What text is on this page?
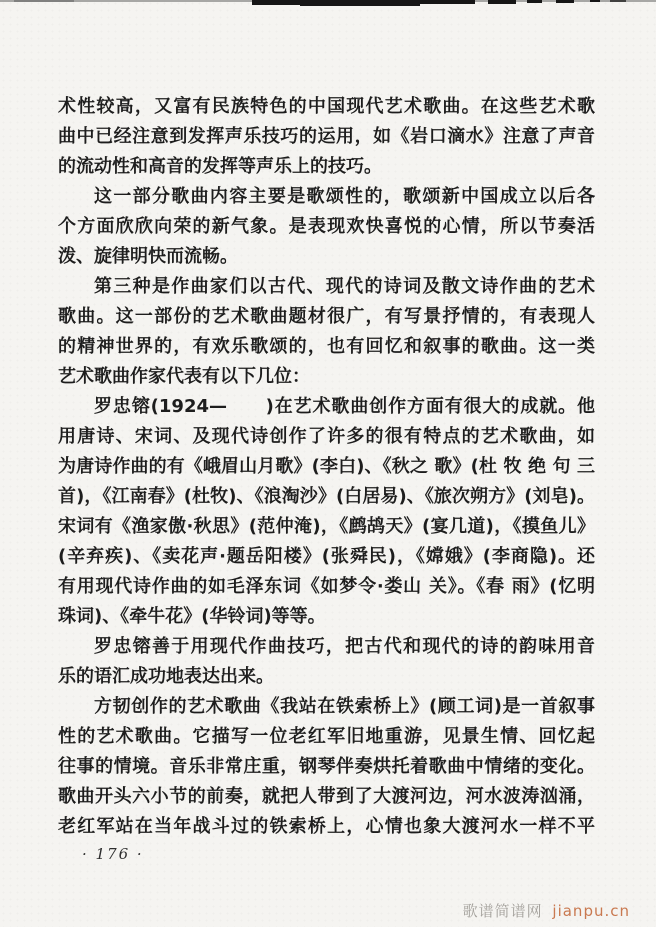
术性较高，又富有民族特色的中国现代艺术歌曲。在这些艺术歌
曲中已经注意到发挥声乐技巧的运用，如《岩口滴水》注意了声音
的流动性和高音的发挥等声乐上的技巧。
这一部分歌曲内容主要是歌颂性的，歌颂新中国成立以后各
个方面欣欣向荣的新气象。是表现欢快喜悦的心情，所以节奏活
泼、旋律明快而流畅。
第三种是作曲家们以古代、现代的诗词及散文诗作曲的艺术
歌曲。这一部份的艺术歌曲题材很广，有写景抒情的，有表现人
的精神世界的，有欢乐歌颂的，也有回忆和叙事的歌曲。这一类
艺术歌曲作家代表有以下几位：
罗忠镕(1924—　　)在艺术歌曲创作方面有很大的成就。他
用唐诗、宋词、及现代诗创作了许多的很有特点的艺术歌曲，如
为唐诗作曲的有《峨眉山月歌》(李白)、《秋之 歌》(杜 牧 绝 句 三
首)，《江南春》(杜牧)、《浪淘沙》(白居易)、《旅次朔方》(刘皂)。
宋词有《渔家傲·秋思》(范仲淹)，《鹧鸪天》(宴几道)，《摸鱼儿》
(辛弃疾)、《卖花声·题岳阳楼》(张舜民)，《嫦娥》(李商隐)。还
有用现代诗作曲的如毛泽东词《如梦令·娄山 关》。《春 雨》(忆明
珠词)、《牵牛花》(华铃词)等等。
罗忠镕善于用现代作曲技巧，把古代和现代的诗的韵味用音
乐的语汇成功地表达出来。
方韧创作的艺术歌曲《我站在铁索桥上》(顾工词)是一首叙事
性的艺术歌曲。它描写一位老红军旧地重游，见景生情、回忆起
往事的情境。音乐非常庄重，钢琴伴奏烘托着歌曲中情绪的变化。
歌曲开头六小节的前奏，就把人带到了大渡河边，河水波涛汹涌，
老红军站在当年战斗过的铁索桥上，心情也象大渡河水一样不平
· 176 ·
歌谱简谱网 jianpu.cn
